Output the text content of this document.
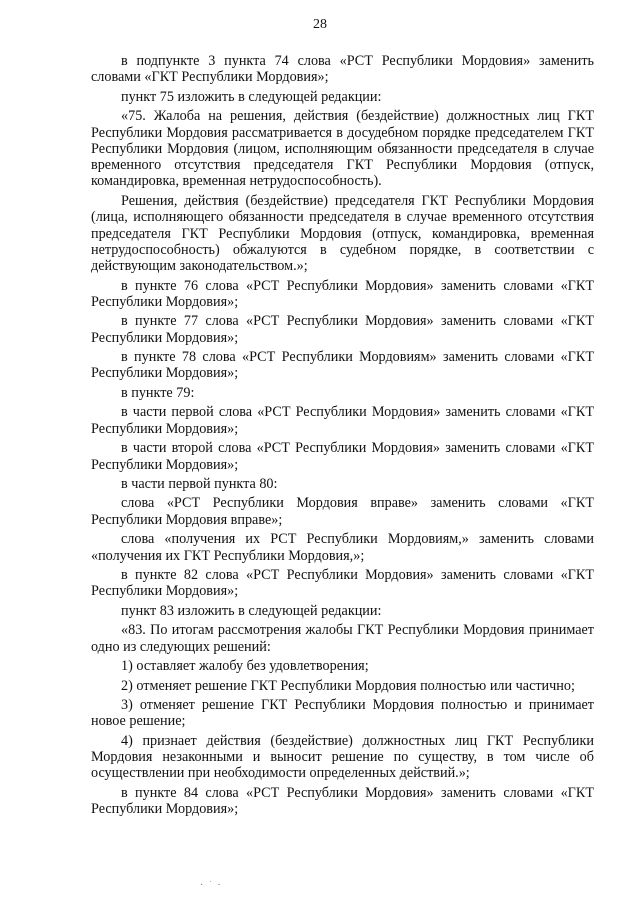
28

в подпункте 3 пункта 74 слова «РСТ Республики Мордовия» заменить словами «ГКТ Республики Мордовия»;

пункт 75 изложить в следующей редакции:

«75. Жалоба на решения, действия (бездействие) должностных лиц ГКТ Республики Мордовия рассматривается в досудебном порядке председателем ГКТ Республики Мордовия (лицом, исполняющим обязанности председателя в случае временного отсутствия председателя ГКТ Республики Мордовия (отпуск, командировка, временная нетрудоспособность).

Решения, действия (бездействие) председателя ГКТ Республики Мордовия (лица, исполняющего обязанности председателя в случае временного отсутствия председателя ГКТ Республики Мордовия (отпуск, командировка, временная нетрудоспособность) обжалуются в судебном порядке, в соответствии с действующим законодательством.»;

в пункте 76 слова «РСТ Республики Мордовия» заменить словами «ГКТ Республики Мордовия»;

в пункте 77 слова «РСТ Республики Мордовия» заменить словами «ГКТ Республики Мордовия»;

в пункте 78 слова «РСТ Республики Мордовиям» заменить словами «ГКТ Республики Мордовия»;

в пункте 79:

в части первой слова «РСТ Республики Мордовия» заменить словами «ГКТ Республики Мордовия»;

в части второй слова «РСТ Республики Мордовия» заменить словами «ГКТ Республики Мордовия»;

в части первой пункта 80:

слова «РСТ Республики Мордовия вправе» заменить словами «ГКТ Республики Мордовия вправе»;

слова «получения их РСТ Республики Мордовиям,» заменить словами «получения их ГКТ Республики Мордовия,»;

в пункте 82 слова «РСТ Республики Мордовия» заменить словами «ГКТ Республики Мордовия»;

пункт 83 изложить в следующей редакции:

«83. По итогам рассмотрения жалобы ГКТ Республики Мордовия принимает одно из следующих решений:

1) оставляет жалобу без удовлетворения;

2) отменяет решение ГКТ Республики Мордовия полностью или частично;

3) отменяет решение ГКТ Республики Мордовия полностью и принимает новое решение;

4) признает действия (бездействие) должностных лиц ГКТ Республики Мордовия незаконными и выносит решение по существу, в том числе об осуществлении при необходимости определенных действий.»;

в пункте 84 слова «РСТ Республики Мордовия» заменить словами «ГКТ Республики Мордовия»;

· ͘ ·
